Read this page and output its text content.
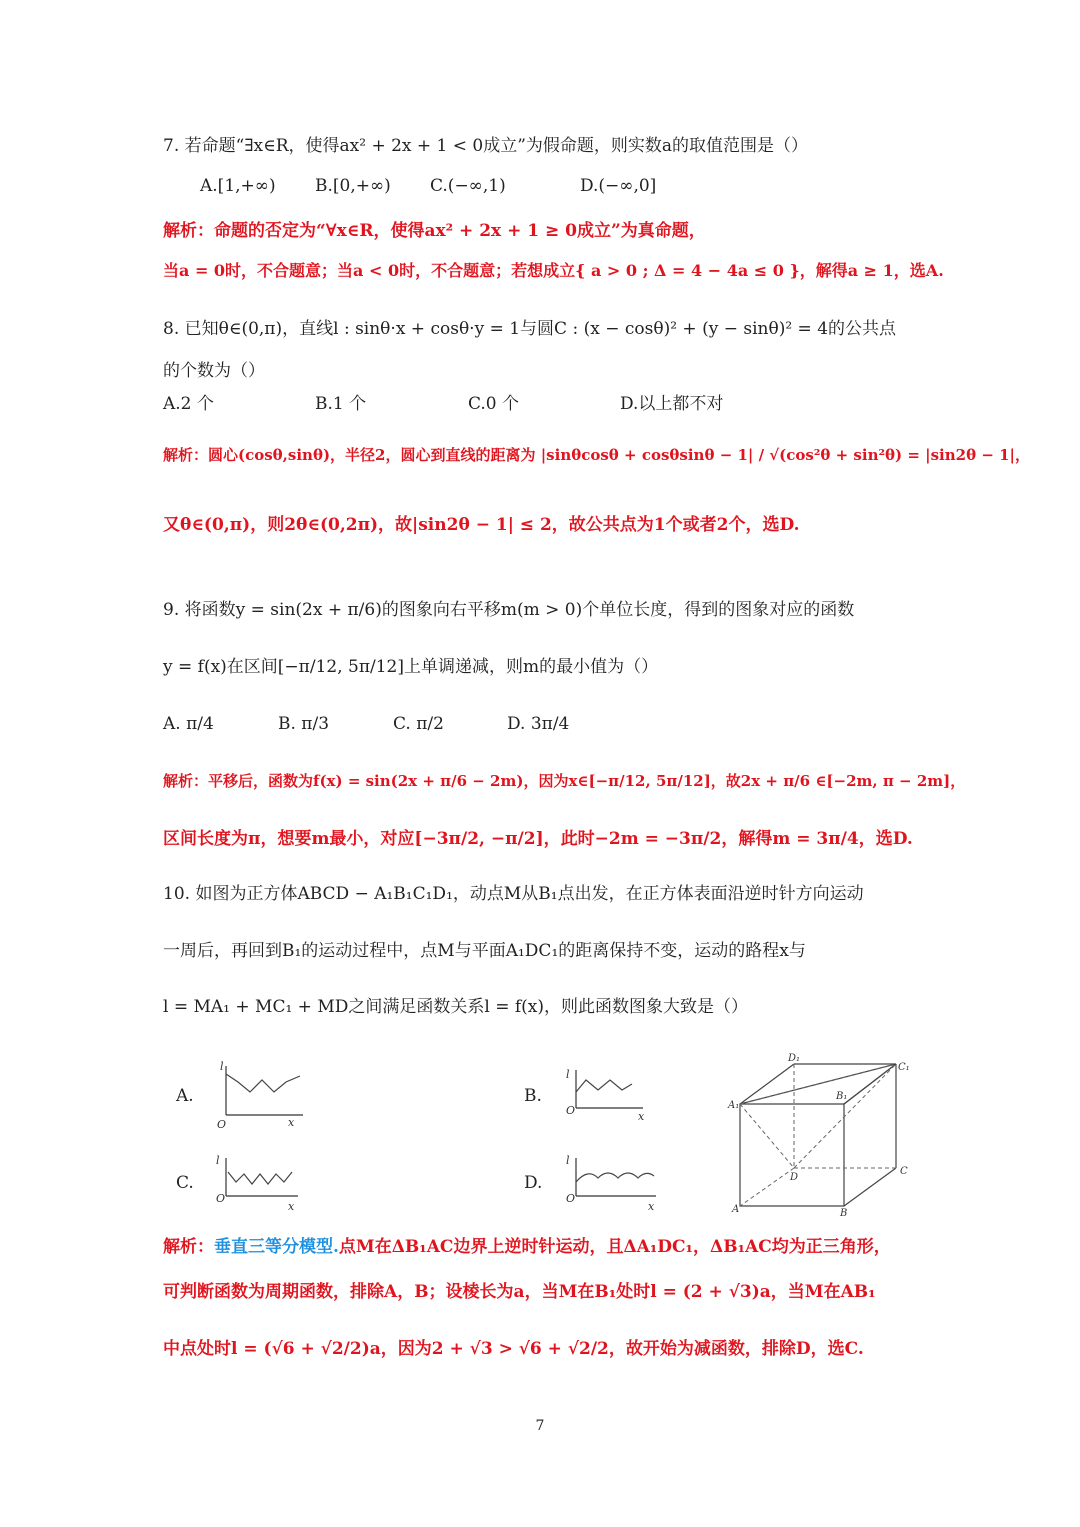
7. 若命题“∃x∈R，使得ax² + 2x + 1 < 0成立”为假命题，则实数a的取值范围是（）
A.[1,+∞) B.[0,+∞) C.(−∞,1)	D.(−∞,0]
解析：命题的否定为“∀x∈R，使得ax² + 2x + 1 ≥ 0成立”为真命题，
当a = 0时，不合题意；当a < 0时，不合题意；若想成立{ a > 0 ; Δ = 4 − 4a ≤ 0 }，解得a ≥ 1，选A.
8. 已知θ∈(0,π)，直线l : sinθ·x + cosθ·y = 1与圆C : (x − cosθ)² + (y − sinθ)² = 4的公共点
的个数为（）
A.2 个	B.1 个	C.0 个	D.以上都不对
解析：圆心(cosθ,sinθ)，半径2，圆心到直线的距离为 |sinθcosθ + cosθsinθ − 1| / √(cos²θ + sin²θ) = |sin2θ − 1|，
又θ∈(0,π)，则2θ∈(0,2π)，故|sin2θ − 1| ≤ 2，故公共点为1个或者2个，选D.
9. 将函数y = sin(2x + π/6)的图象向右平移m(m > 0)个单位长度，得到的图象对应的函数
y = f(x)在区间[−π/12, 5π/12]上单调递减，则m的最小值为（）
A. π/4	B. π/3	C. π/2	D. 3π/4
解析：平移后，函数为f(x) = sin(2x + π/6 − 2m)，因为x∈[−π/12, 5π/12]，故2x + π/6 ∈[−2m, π − 2m]，
区间长度为π，想要m最小，对应[−3π/2, −π/2]，此时−2m = −3π/2，解得m = 3π/4，选D.
10. 如图为正方体ABCD − A₁B₁C₁D₁，动点M从B₁点出发，在正方体表面沿逆时针方向运动
一周后，再回到B₁的运动过程中，点M与平面A₁DC₁的距离保持不变，运动的路程x与
l = MA₁ + MC₁ + MD之间满足函数关系l = f(x)，则此函数图象大致是（）
A.
O
l
x
B.
O
l
x
C.
O
l
x
D.
O
l
x
D₁
C₁
A₁
B₁
D
C
A	B
解析：垂直三等分模型.点M在ΔB₁AC边界上逆时针运动，且ΔA₁DC₁，ΔB₁AC均为正三角形，
可判断函数为周期函数，排除A，B；设棱长为a，当M在B₁处时l = (2 + √3)a，当M在AB₁
中点处时l = (√6 + √2/2)a，因为2 + √3 > √6 + √2/2，故开始为减函数，排除D，选C.
7
